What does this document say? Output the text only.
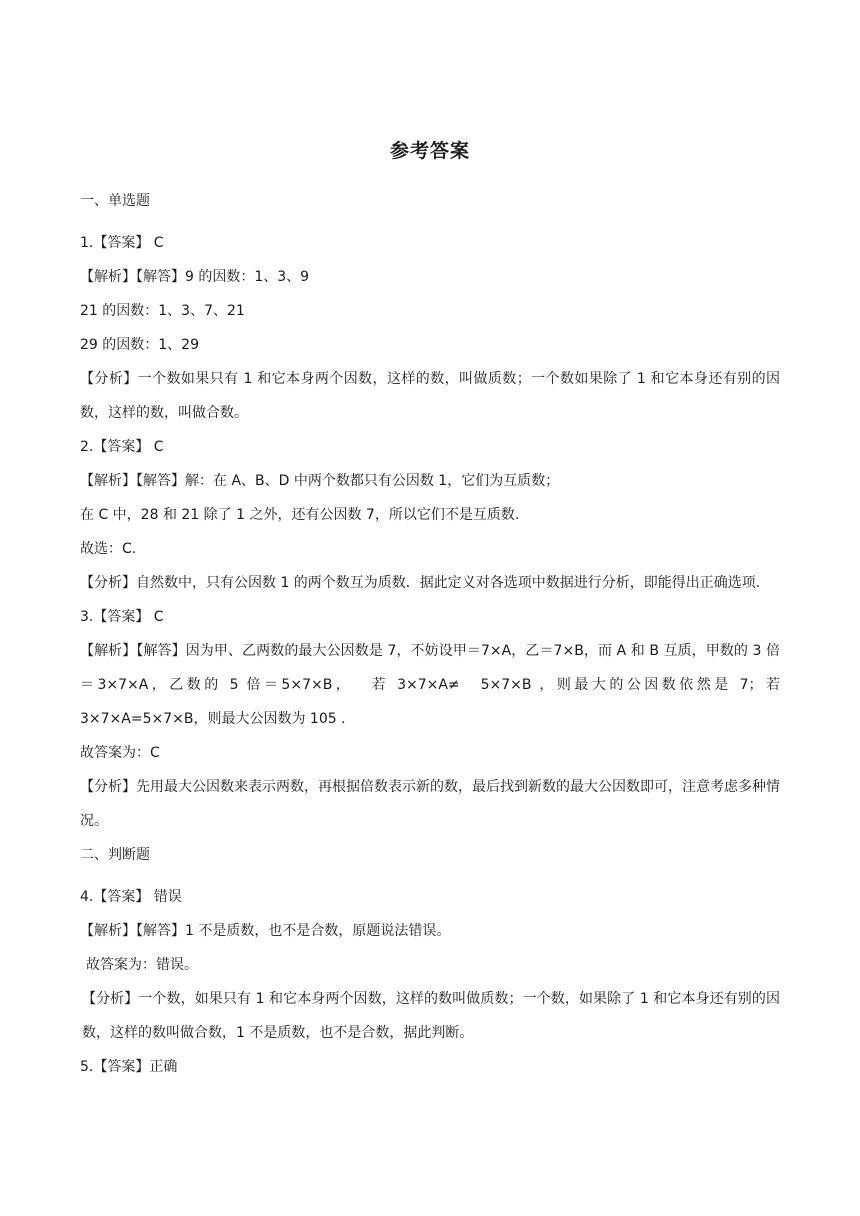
参考答案

一、单选题

1.【答案】 C

【解析】【解答】9 的因数：1、3、9

21 的因数：1、3、7、21

29 的因数：1、29

【分析】一个数如果只有 1 和它本身两个因数，这样的数，叫做质数；一个数如果除了 1 和它本身还有别的因数，这样的数，叫做合数。

2.【答案】 C

【解析】【解答】解：在 A、B、D 中两个数都只有公因数 1，它们为互质数；

在 C 中，28 和 21 除了 1 之外，还有公因数 7，所以它们不是互质数.

故选：C.

【分析】自然数中，只有公因数 1 的两个数互为质数．据此定义对各选项中数据进行分析，即能得出正确选项.

3.【答案】 C

【解析】【解答】因为甲、乙两数的最大公因数是 7，不妨设甲＝7×A，乙＝7×B，而 A 和 B 互质，甲数的 3 倍＝3×7×A，乙数的 5 倍＝5×7×B，　 若 3×7×A≠　5×7×B ，则最大的公因数依然是 7；若 3×7×A=5×7×B，则最大公因数为 105 .

故答案为：C

【分析】先用最大公因数来表示两数，再根据倍数表示新的数，最后找到新数的最大公因数即可，注意考虑多种情况。

二、判断题

4.【答案】 错误

【解析】【解答】1 不是质数，也不是合数，原题说法错误。

故答案为：错误。

【分析】一个数，如果只有 1 和它本身两个因数，这样的数叫做质数；一个数，如果除了 1 和它本身还有别的因数，这样的数叫做合数，1 不是质数，也不是合数，据此判断。

5.【答案】正确
